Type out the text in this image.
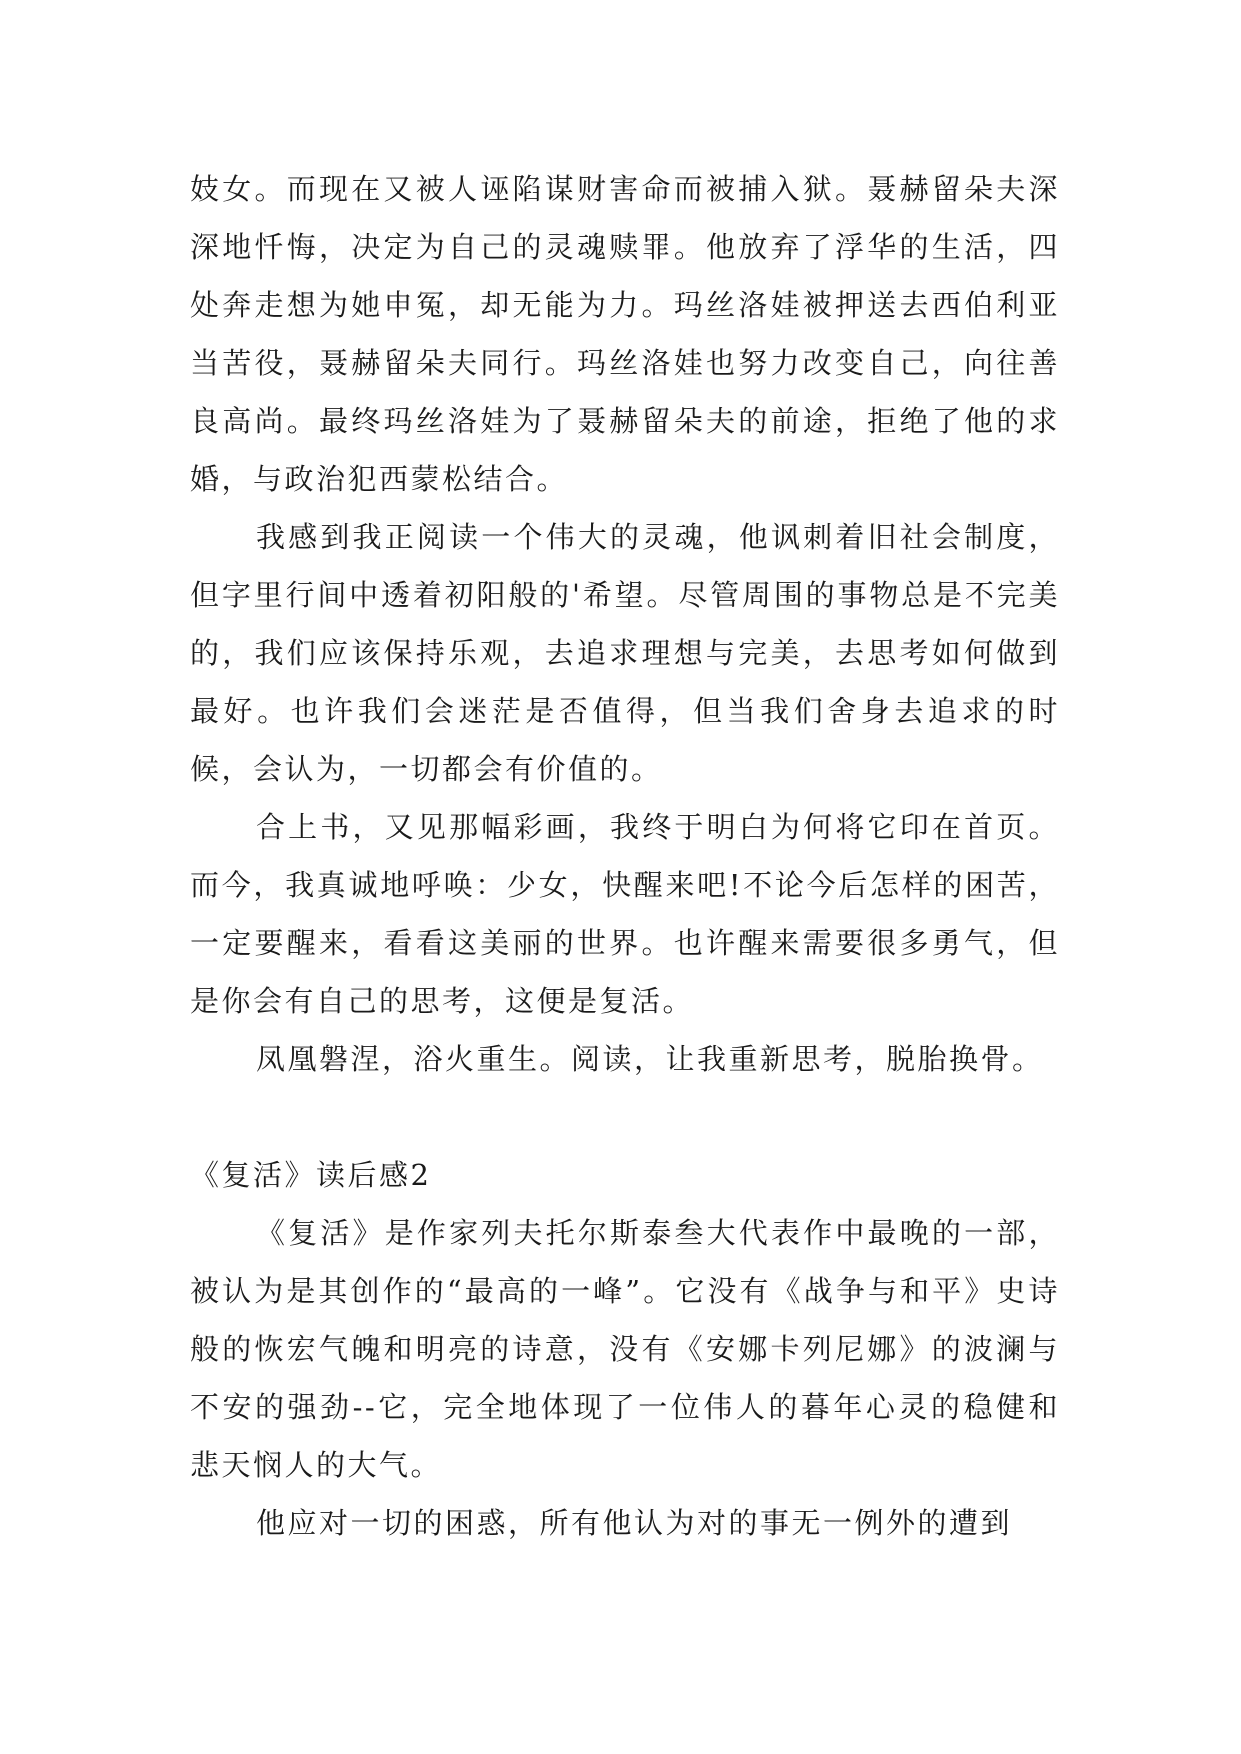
妓女。而现在又被人诬陷谋财害命而被捕入狱。聂赫留朵夫深深地忏悔，决定为自己的灵魂赎罪。他放弃了浮华的生活，四处奔走想为她申冤，却无能为力。玛丝洛娃被押送去西伯利亚当苦役，聂赫留朵夫同行。玛丝洛娃也努力改变自己，向往善良高尚。最终玛丝洛娃为了聂赫留朵夫的前途，拒绝了他的求婚，与政治犯西蒙松结合。

我感到我正阅读一个伟大的灵魂，他讽刺着旧社会制度，但字里行间中透着初阳般的'希望。尽管周围的事物总是不完美的，我们应该保持乐观，去追求理想与完美，去思考如何做到最好。也许我们会迷茫是否值得，但当我们舍身去追求的时候，会认为，一切都会有价值的。

合上书，又见那幅彩画，我终于明白为何将它印在首页。而今，我真诚地呼唤：少女，快醒来吧!不论今后怎样的困苦，一定要醒来，看看这美丽的世界。也许醒来需要很多勇气，但是你会有自己的思考，这便是复活。

凤凰磐涅，浴火重生。阅读，让我重新思考，脱胎换骨。

《复活》读后感2

《复活》是作家列夫托尔斯泰叁大代表作中最晚的一部，被认为是其创作的“最高的一峰”。它没有《战争与和平》史诗般的恢宏气魄和明亮的诗意，没有《安娜卡列尼娜》的波澜与不安的强劲--它，完全地体现了一位伟人的暮年心灵的稳健和悲天悯人的大气。

他应对一切的困惑，所有他认为对的事无一例外的遭到
